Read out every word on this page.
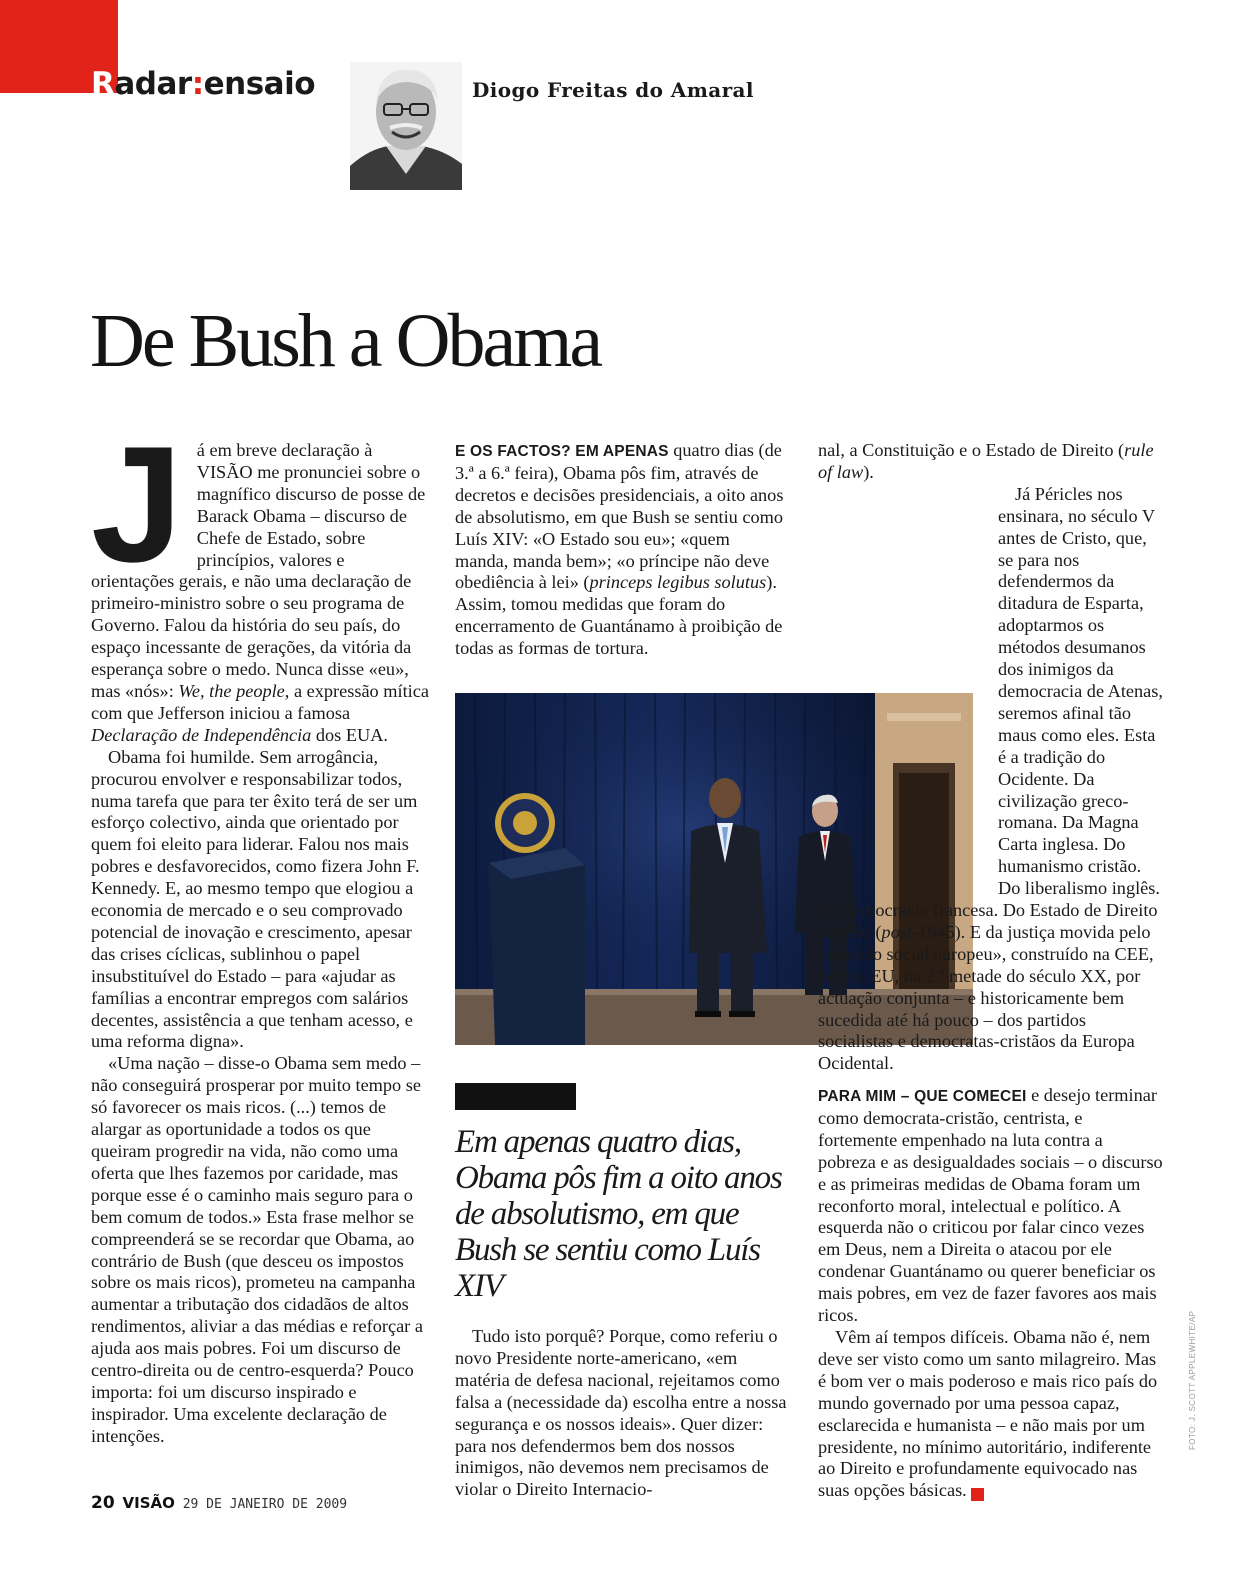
Radar:ensaio	Diogo Freitas do Amaral
De Bush a Obama

Já em breve declaração à VISÃO me pronunciei sobre o magnífico discurso de posse de Barack Obama – discurso de Chefe de Estado, sobre princípios, valores e orientações gerais, e não uma declaração de primeiro-ministro sobre o seu programa de Governo. Falou da história do seu país, do espaço incessante de gerações, da vitória da esperança sobre o medo. Nunca disse «eu», mas «nós»: We, the people, a expressão mítica com que Jefferson iniciou a famosa Declaração de Independência dos EUA.

Obama foi humilde. Sem arrogância, procurou envolver e responsabilizar todos, numa tarefa que para ter êxito terá de ser um esforço colectivo, ainda que orientado por quem foi eleito para liderar. Falou nos mais pobres e desfavorecidos, como fizera John F. Kennedy. E, ao mesmo tempo que elogiou a economia de mercado e o seu comprovado potencial de inovação e crescimento, apesar das crises cíclicas, sublinhou o papel insubstituível do Estado – para «ajudar as famílias a encontrar empregos com salários decentes, assistência a que tenham acesso, e uma reforma digna».

«Uma nação – disse-o Obama sem medo – não conseguirá prosperar por muito tempo se só favorecer os mais ricos. (...) temos de alargar as oportunidade a todos os que queiram progredir na vida, não como uma oferta que lhes fazemos por caridade, mas porque esse é o caminho mais seguro para o bem comum de todos.» Esta frase melhor se compreenderá se se recordar que Obama, ao contrário de Bush (que desceu os impostos sobre os mais ricos), prometeu na campanha aumentar a tributação dos cidadãos de altos rendimentos, aliviar a das médias e reforçar a ajuda aos mais pobres. Foi um discurso de centro-direita ou de centro-esquerda? Pouco importa: foi um discurso inspirado e inspirador. Uma excelente declaração de intenções.

E OS FACTOS? EM APENAS quatro dias (de 3.ª a 6.ª feira), Obama pôs fim, através de decretos e decisões presidenciais, a oito anos de absolutismo, em que Bush se sentiu como Luís XIV: «O Estado sou eu»; «quem manda, manda bem»; «o príncipe não deve obediência à lei» (princeps legibus solutus). Assim, tomou medidas que foram do encerramento de Guantánamo à proibição de todas as formas de tortura.

Em apenas quatro dias, Obama pôs fim a oito anos de absolutismo, em que Bush se sentiu como Luís XIV

Tudo isto porquê? Porque, como referiu o novo Presidente norte-americano, «em matéria de defesa nacional, rejeitamos como falsa a (necessidade da) escolha entre a nossa segurança e os nossos ideais». Quer dizer: para nos defendermos bem dos nossos inimigos, não devemos nem precisamos de violar o Direito Internacio-

nal, a Constituição e o Estado de Direito (rule of law).

Já Péricles nos ensinara, no século V antes de Cristo, que, se para nos defendermos da ditadura de Esparta, adoptarmos os métodos desumanos dos inimigos da democracia de Atenas, seremos afinal tão maus como eles. Esta é a tradição do Ocidente. Da civilização greco-romana. Da Magna Carta inglesa. Do humanismo cristão. Do liberalismo inglês. Da democracia francesa. Do Estado de Direito alemão (post-1945). E da justiça movida pelo «modelo social europeu», construído na CEE, depois EU, na 2.ª metade do século XX, por actuação conjunta – e historicamente bem sucedida até há pouco – dos partidos socialistas e democratas-cristãos da Europa Ocidental.

PARA MIM – QUE COMECEI e desejo terminar como democrata-cristão, centrista, e fortemente empenhado na luta contra a pobreza e as desigualdades sociais – o discurso e as primeiras medidas de Obama foram um reconforto moral, intelectual e político. A esquerda não o criticou por falar cinco vezes em Deus, nem a Direita o atacou por ele condenar Guantánamo ou querer beneficiar os mais pobres, em vez de fazer favores aos mais ricos.

Vêm aí tempos difíceis. Obama não é, nem deve ser visto como um santo milagreiro. Mas é bom ver o mais poderoso e mais rico país do mundo governado por uma pessoa capaz, esclarecida e humanista – e não mais por um presidente, no mínimo autoritário, indiferente ao Direito e profundamente equivocado nas suas opções básicas. V

FOTO: J. SCOTT APPLEWHITE/AP
20 VISÃO 29 DE JANEIRO DE 2009
